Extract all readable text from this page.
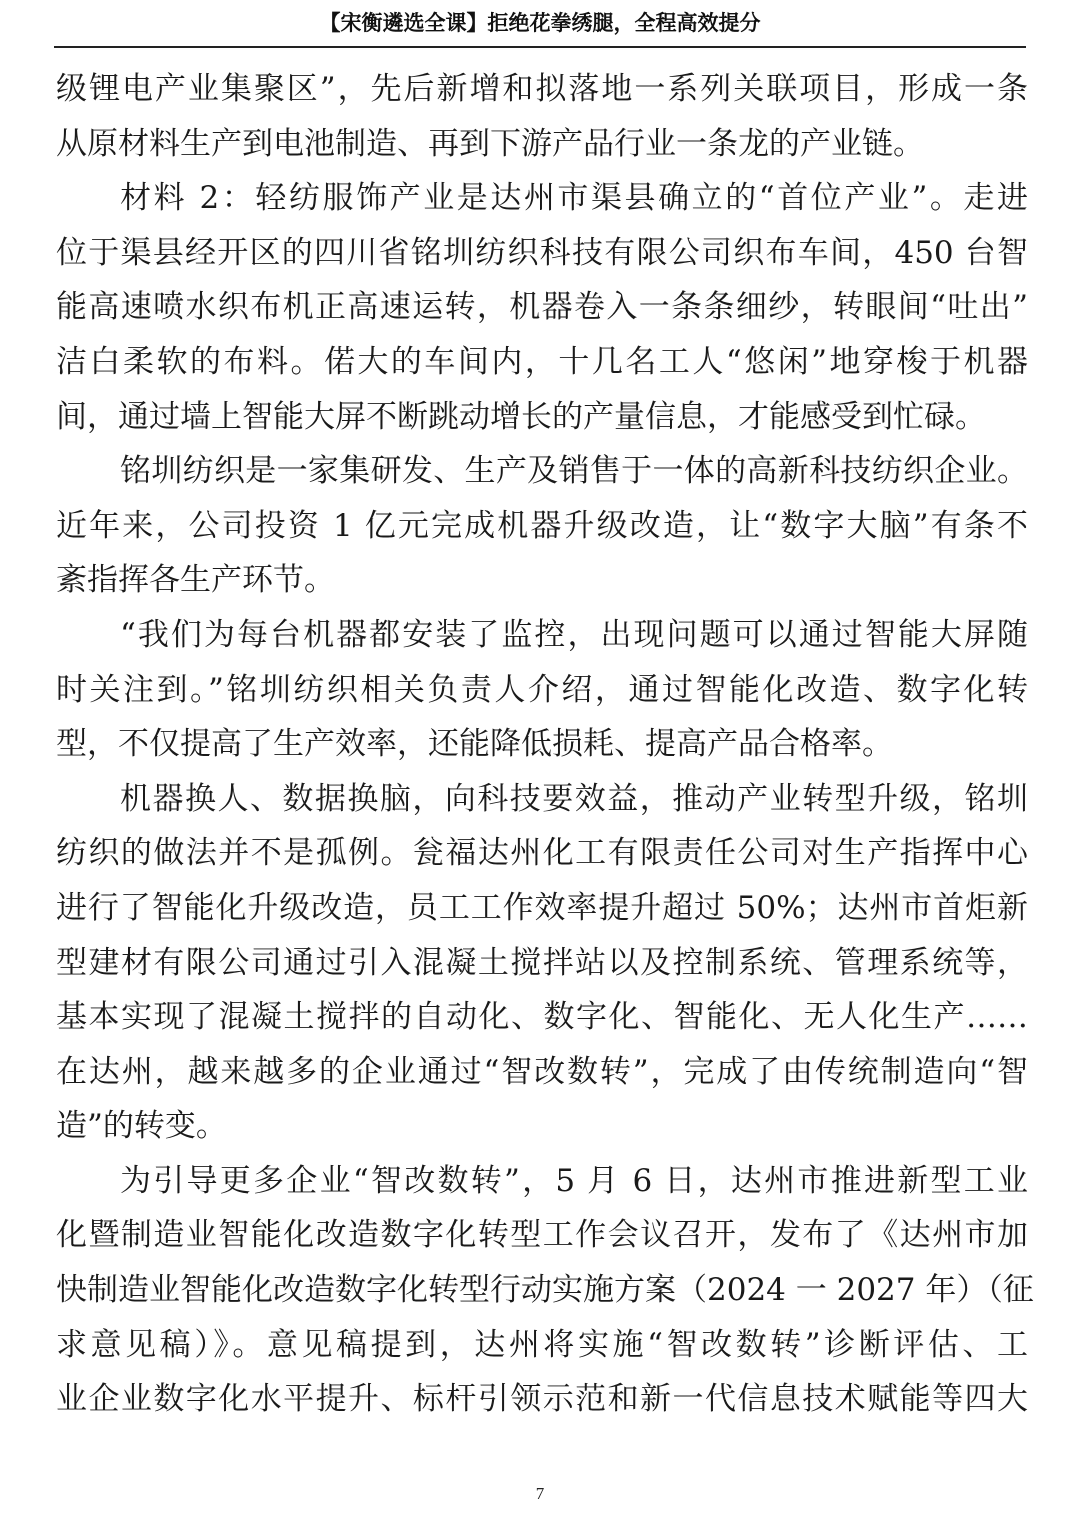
【宋衡遴选全课】拒绝花拳绣腿，全程高效提分
级锂电产业集聚区”，先后新增和拟落地一系列关联项目，形成一条
从原材料生产到电池制造、再到下游产品行业一条龙的产业链。
材料 2：轻纺服饰产业是达州市渠县确立的“首位产业”。走进
位于渠县经开区的四川省铭圳纺织科技有限公司织布车间，450 台智
能高速喷水织布机正高速运转，机器卷入一条条细纱，转眼间“吐出”
洁白柔软的布料。偌大的车间内，十几名工人“悠闲”地穿梭于机器
间，通过墙上智能大屏不断跳动增长的产量信息，才能感受到忙碌。
铭圳纺织是一家集研发、生产及销售于一体的高新科技纺织企业。
近年来，公司投资 1 亿元完成机器升级改造，让“数字大脑”有条不
紊指挥各生产环节。
“我们为每台机器都安装了监控，出现问题可以通过智能大屏随
时关注到。”铭圳纺织相关负责人介绍，通过智能化改造、数字化转
型，不仅提高了生产效率，还能降低损耗、提高产品合格率。
机器换人、数据换脑，向科技要效益，推动产业转型升级，铭圳
纺织的做法并不是孤例。瓮福达州化工有限责任公司对生产指挥中心
进行了智能化升级改造，员工工作效率提升超过 50%；达州市首炬新
型建材有限公司通过引入混凝土搅拌站以及控制系统、管理系统等，
基本实现了混凝土搅拌的自动化、数字化、智能化、无人化生产……
在达州，越来越多的企业通过“智改数转”，完成了由传统制造向“智
造”的转变。
为引导更多企业“智改数转”，5 月 6 日，达州市推进新型工业
化暨制造业智能化改造数字化转型工作会议召开，发布了《达州市加
快制造业智能化改造数字化转型行动实施方案（2024 一 2027 年）（征
求意见稿）》。意见稿提到，达州将实施“智改数转”诊断评估、工
业企业数字化水平提升、标杆引领示范和新一代信息技术赋能等四大
7
